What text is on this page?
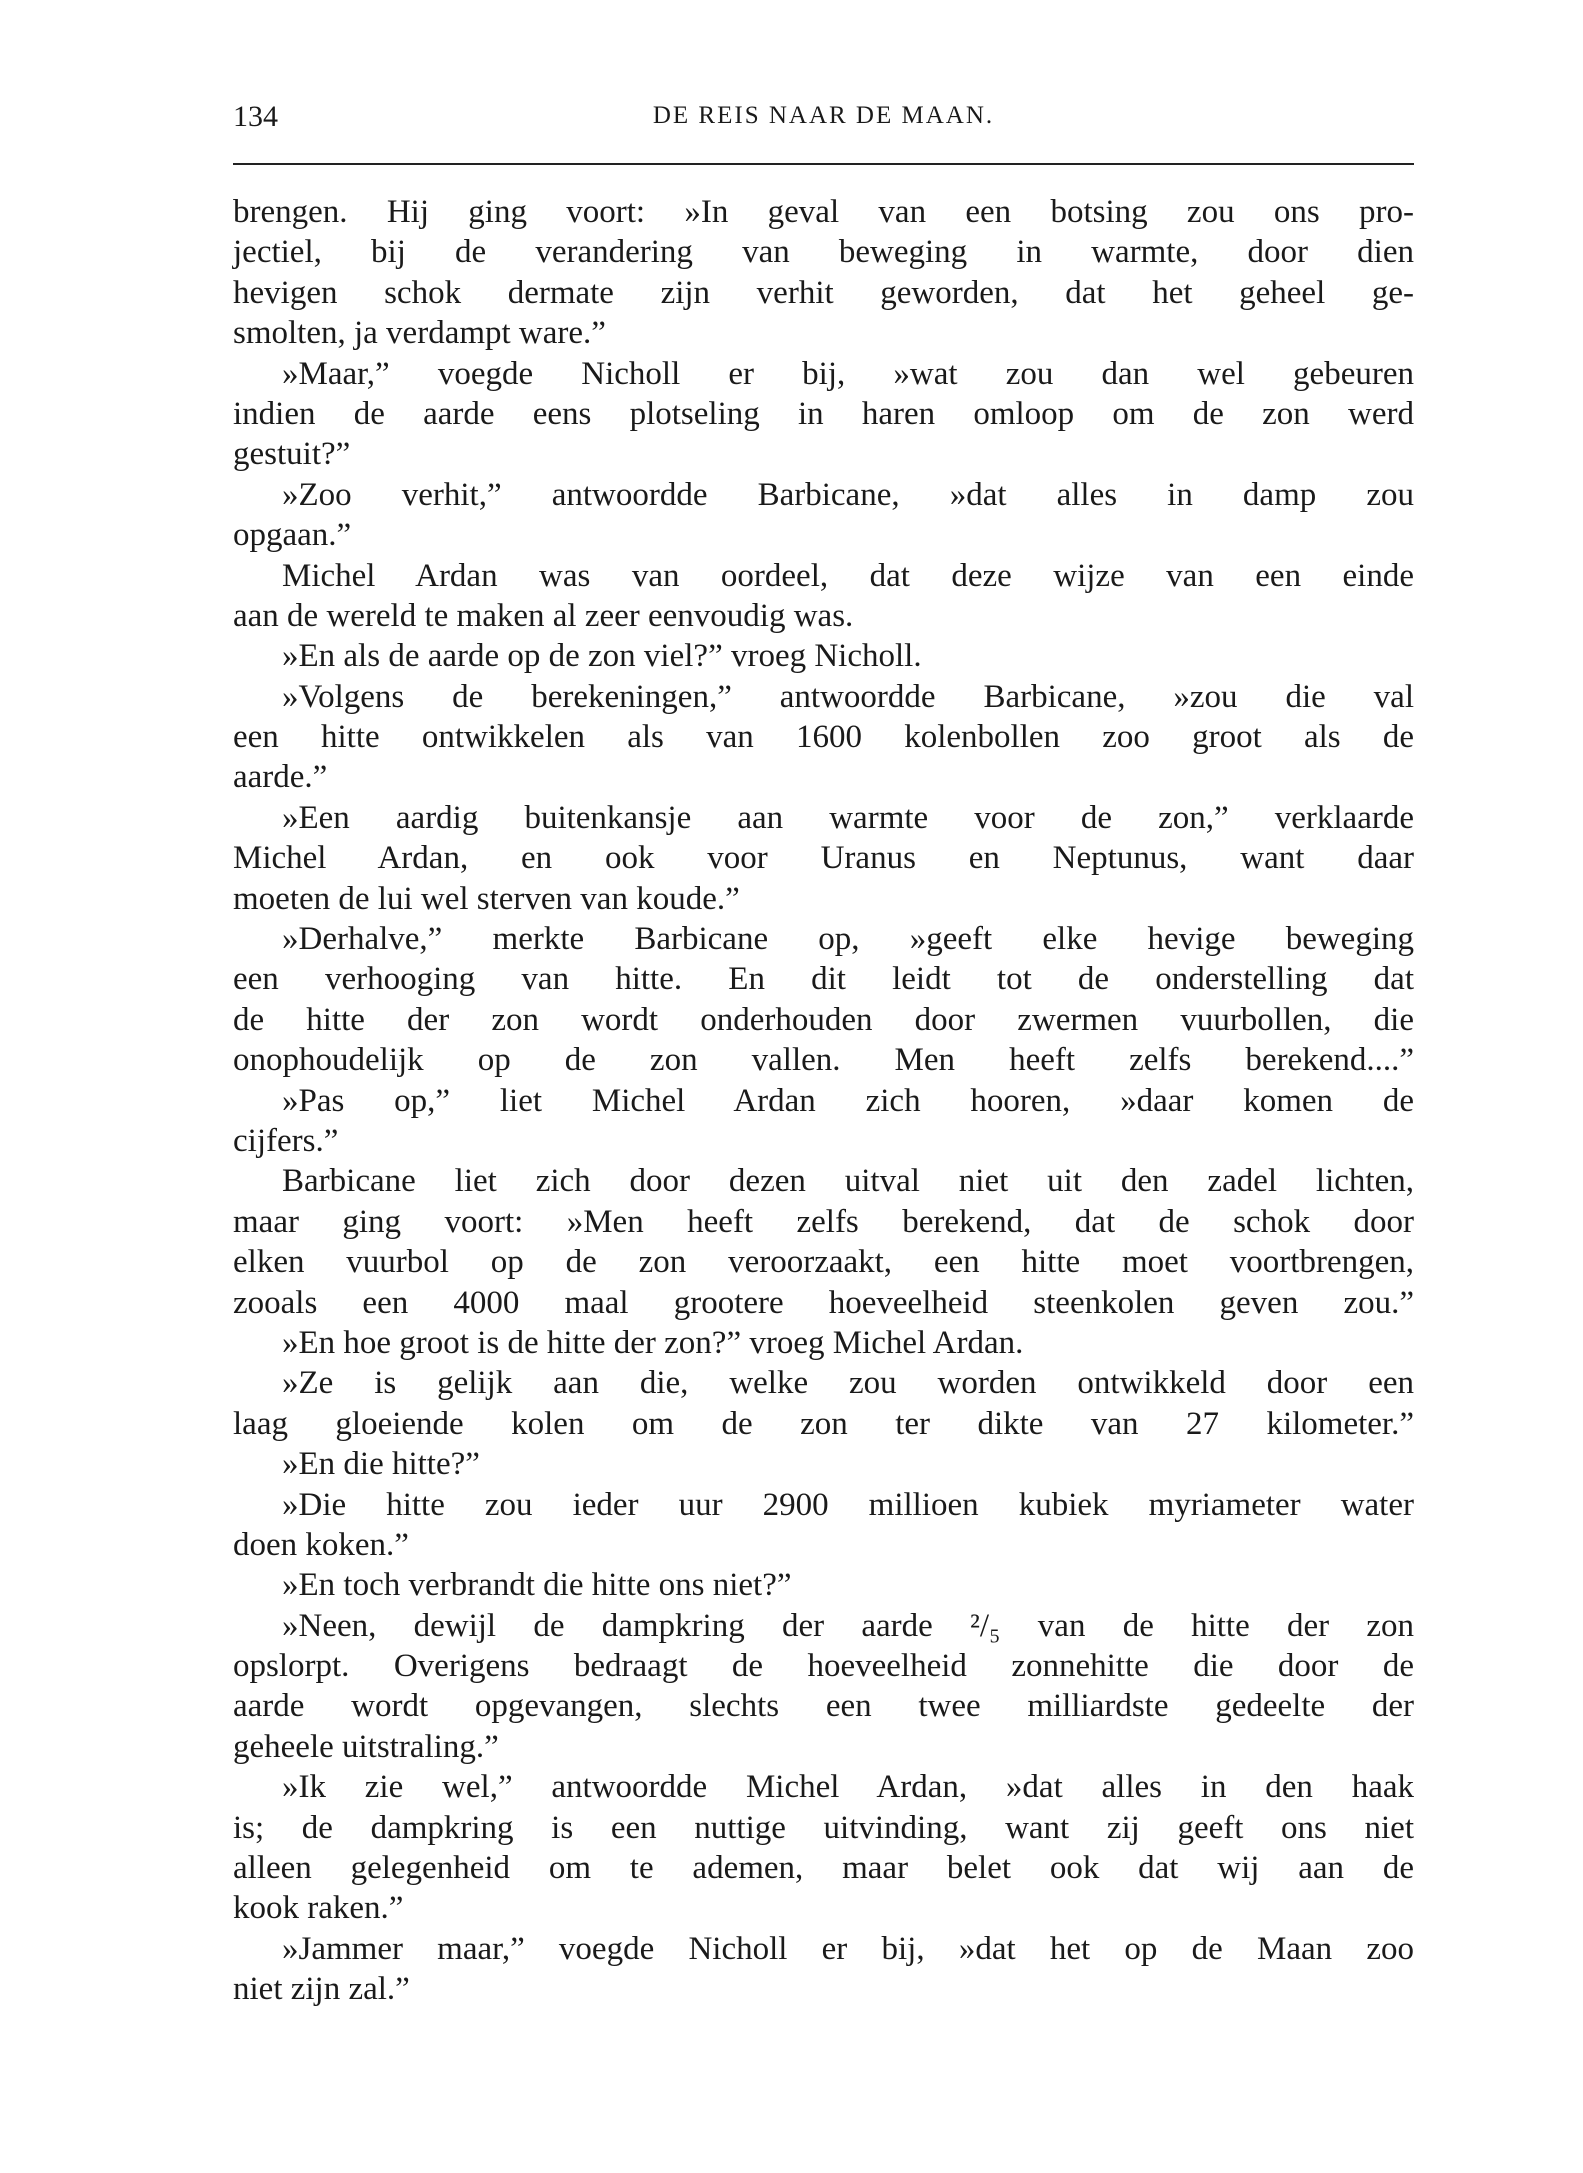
134	DE REIS NAAR DE MAAN.
brengen. Hij ging voort: »In geval van een botsing zou ons pro-
jectiel, bij de verandering van beweging in warmte, door dien
hevigen schok dermate zijn verhit geworden, dat het geheel ge-
smolten, ja verdampt ware.”
»Maar,” voegde Nicholl er bij, »wat zou dan wel gebeuren
indien de aarde eens plotseling in haren omloop om de zon werd
gestuit?”
»Zoo verhit,” antwoordde Barbicane, »dat alles in damp zou
opgaan.”
Michel Ardan was van oordeel, dat deze wijze van een einde
aan de wereld te maken al zeer eenvoudig was.
»En als de aarde op de zon viel?” vroeg Nicholl.
»Volgens de berekeningen,” antwoordde Barbicane, »zou die val
een hitte ontwikkelen als van 1600 kolenbollen zoo groot als de
aarde.”
»Een aardig buitenkansje aan warmte voor de zon,” verklaarde
Michel Ardan, en ook voor Uranus en Neptunus, want daar
moeten de lui wel sterven van koude.”
»Derhalve,” merkte Barbicane op, »geeft elke hevige beweging
een verhooging van hitte. En dit leidt tot de onderstelling dat
de hitte der zon wordt onderhouden door zwermen vuurbollen, die
onophoudelijk op de zon vallen. Men heeft zelfs berekend....”
»Pas op,” liet Michel Ardan zich hooren, »daar komen de
cijfers.”
Barbicane liet zich door dezen uitval niet uit den zadel lichten,
maar ging voort: »Men heeft zelfs berekend, dat de schok door
elken vuurbol op de zon veroorzaakt, een hitte moet voortbrengen,
zooals een 4000 maal grootere hoeveelheid steenkolen geven zou.”
»En hoe groot is de hitte der zon?” vroeg Michel Ardan.
»Ze is gelijk aan die, welke zou worden ontwikkeld door een
laag gloeiende kolen om de zon ter dikte van 27 kilometer.”
»En die hitte?”
»Die hitte zou ieder uur 2900 millioen kubiek myriameter water
doen koken.”
»En toch verbrandt die hitte ons niet?”
»Neen, dewijl de dampkring der aarde ²/₅ van de hitte der zon
opslorpt. Overigens bedraagt de hoeveelheid zonnehitte die door de
aarde wordt opgevangen, slechts een twee milliardste gedeelte der
geheele uitstraling.”
»Ik zie wel,” antwoordde Michel Ardan, »dat alles in den haak
is; de dampkring is een nuttige uitvinding, want zij geeft ons niet
alleen gelegenheid om te ademen, maar belet ook dat wij aan de
kook raken.”
»Jammer maar,” voegde Nicholl er bij, »dat het op de Maan zoo
niet zijn zal.”
